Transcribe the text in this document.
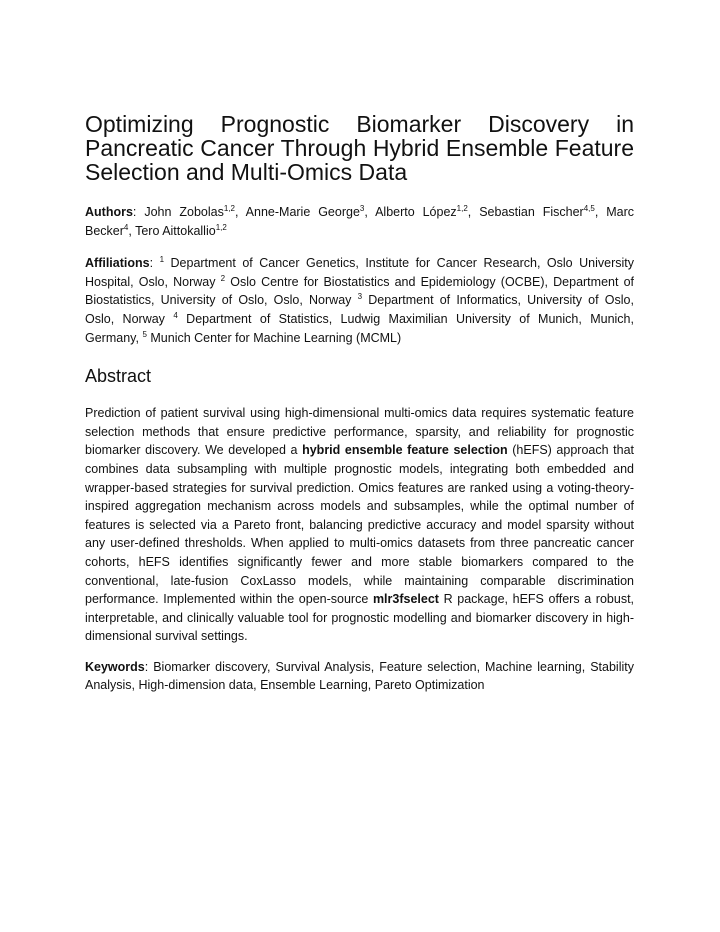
Optimizing Prognostic Biomarker Discovery in Pancreatic Cancer Through Hybrid Ensemble Feature Selection and Multi-Omics Data

Authors: John Zobolas$^{1,2}$, Anne-Marie George$^3$, Alberto López$^{1,2}$, Sebastian Fischer$^{4,5}$, Marc Becker$^4$, Tero Aittokallio$^{1,2}$

Affiliations: $^1$ Department of Cancer Genetics, Institute for Cancer Research, Oslo University Hospital, Oslo, Norway $^2$ Oslo Centre for Biostatistics and Epidemiology (OCBE), Department of Biostatistics, University of Oslo, Oslo, Norway $^3$ Department of Informatics, University of Oslo, Oslo, Norway $^4$ Department of Statistics, Ludwig Maximilian University of Munich, Munich, Germany, $^5$ Munich Center for Machine Learning (MCML)

Abstract

Prediction of patient survival using high-dimensional multi-omics data requires systematic feature selection methods that ensure predictive performance, sparsity, and reliability for prognostic biomarker discovery. We developed a hybrid ensemble feature selection (hEFS) approach that combines data subsampling with multiple prognostic models, integrating both embedded and wrapper-based strategies for survival prediction. Omics features are ranked using a voting-theory-inspired aggregation mechanism across models and subsamples, while the optimal number of features is selected via a Pareto front, balancing predictive accuracy and model sparsity without any user-defined thresholds. When applied to multi-omics datasets from three pancreatic cancer cohorts, hEFS identifies significantly fewer and more stable biomarkers compared to the conventional, late-fusion CoxLasso models, while maintaining comparable discrimination performance. Implemented within the open-source mlr3fselect R package, hEFS offers a robust, interpretable, and clinically valuable tool for prognostic modelling and biomarker discovery in high-dimensional survival settings.

Keywords: Biomarker discovery, Survival Analysis, Feature selection, Machine learning, Stability Analysis, High-dimension data, Ensemble Learning, Pareto Optimization
